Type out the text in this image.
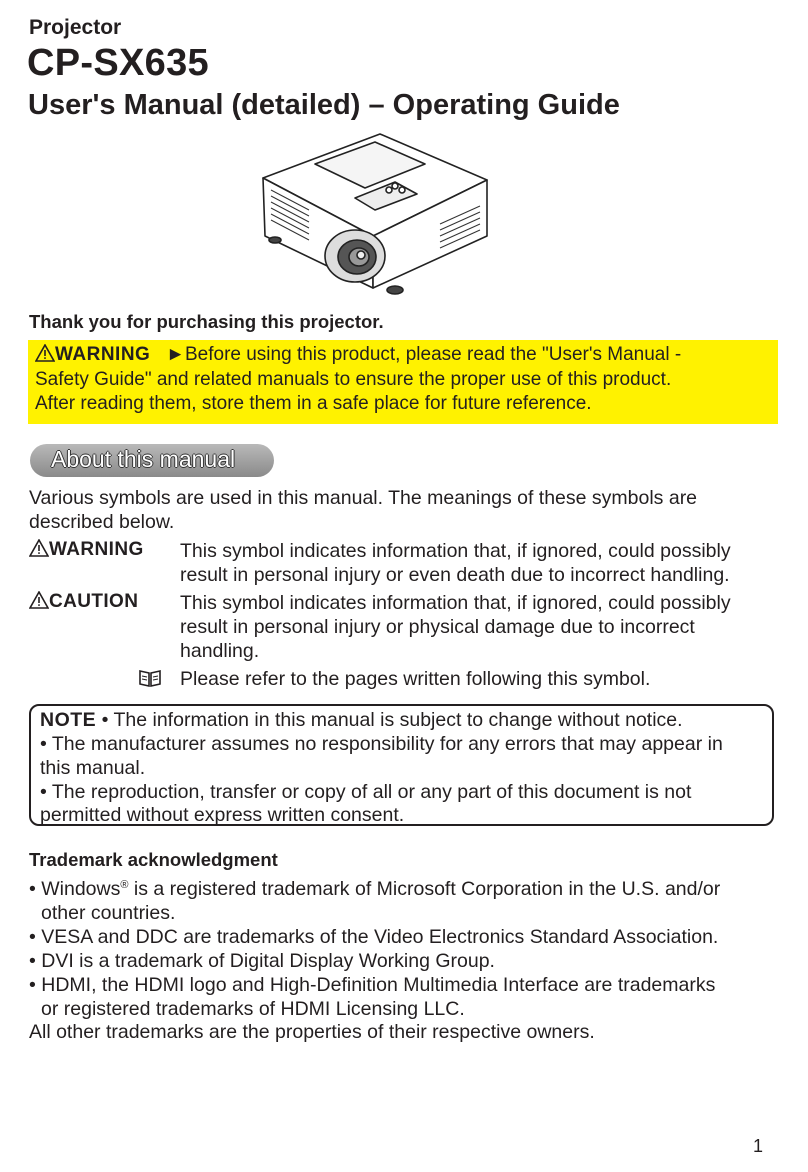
Projector
CP-SX635
User's Manual (detailed) – Operating Guide
Thank you for purchasing this projector.

WARNING ►Before using this product, please read the "User's Manual -

Safety Guide" and related manuals to ensure the proper use of this product.

After reading them, store them in a safe place for future reference.

About this manual
Various symbols are used in this manual. The meanings of these symbols are
described below.
WARNING This symbol indicates information that, if ignored, could possibly
result in personal injury or even death due to incorrect handling.
CAUTION This symbol indicates information that, if ignored, could possibly
result in personal injury or physical damage due to incorrect
handling.
Please refer to the pages written following this symbol.
NOTE • The information in this manual is subject to change without notice.
• The manufacturer assumes no responsibility for any errors that may appear in
this manual.
• The reproduction, transfer or copy of all or any part of this document is not
permitted without express written consent.
Trademark acknowledgment
• Windows® is a registered trademark of Microsoft Corporation in the U.S. and/or
other countries.
• VESA and DDC are trademarks of the Video Electronics Standard Association.
• DVI is a trademark of Digital Display Working Group.
• HDMI, the HDMI logo and High-Definition Multimedia Interface are trademarks
or registered trademarks of HDMI Licensing LLC.
All other trademarks are the properties of their respective owners.
1
